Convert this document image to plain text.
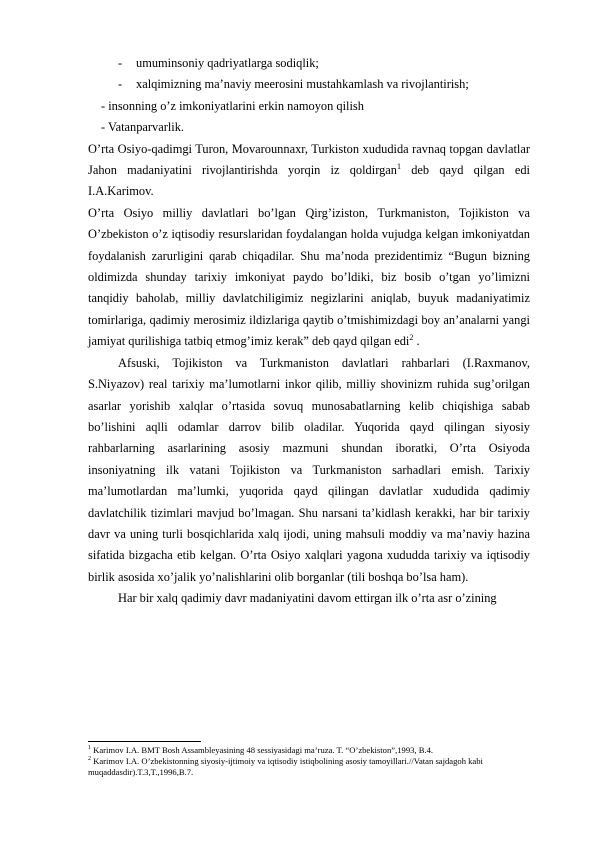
- umuminsoniy qadriyatlarga sodiqlik;
- xalqimizning ma’naviy meerosini mustahkamlash va rivojlantirish;
- insonning o’z imkoniyatlarini erkin namoyon qilish
- Vatanparvarlik.

O’rta Osiyo-qadimgi Turon, Movarounnaxr, Turkiston xududida ravnaq topgan davlatlar Jahon madaniyatini rivojlantirishda yorqin iz qoldirgan$^1$ deb qayd qilgan edi I.A.Karimov.

O’rta Osiyo milliy davlatlari bo’lgan Qirg’iziston, Turkmaniston, Tojikiston va O’zbekiston o’z iqtisodiy resurslaridan foydalangan holda vujudga kelgan imkoniyatdan foydalanish zarurligini qarab chiqadilar. Shu ma’noda prezidentimiz “Bugun bizning oldimizda shunday tarixiy imkoniyat paydo bo’ldiki, biz bosib o’tgan yo’limizni tanqidiy baholab, milliy davlatchiligimiz negizlarini aniqlab, buyuk madaniyatimiz tomirlariga, qadimiy merosimiz ildizlariga qaytib o’tmishimizdagi boy an’analarni yangi jamiyat qurilishiga tatbiq etmog’imiz kerak” deb qayd qilgan edi$^2$ .

Afsuski, Tojikiston va Turkmaniston davlatlari rahbarlari (I.Raxmanov, S.Niyazov) real tarixiy ma’lumotlarni inkor qilib, milliy shovinizm ruhida sug’orilgan asarlar yorishib xalqlar o’rtasida sovuq munosabatlarning kelib chiqishiga sabab bo’lishini aqlli odamlar darrov bilib oladilar. Yuqorida qayd qilingan siyosiy rahbarlarning asarlarining asosiy mazmuni shundan iboratki, O’rta Osiyoda insoniyatning ilk vatani Tojikiston va Turkmaniston sarhadlari emish. Tarixiy ma’lumotlardan ma’lumki, yuqorida qayd qilingan davlatlar xududida qadimiy davlatchilik tizimlari mavjud bo’lmagan. Shu narsani ta’kidlash kerakki, har bir tarixiy davr va uning turli bosqichlarida xalq ijodi, uning mahsuli moddiy va ma’naviy hazina sifatida bizgacha etib kelgan. O’rta Osiyo xalqlari yagona xududda tarixiy va iqtisodiy birlik asosida xo’jalik yo’nalishlarini olib borganlar (tili boshqa bo’lsa ham).

Har bir xalq qadimiy davr madaniyatini davom ettirgan ilk o’rta asr o’zining

$^1$ Karimov I.A. BMT Bosh Assambleyasining 48 sessiyasidagi ma’ruza. T. “O’zbekiston”,1993, B.4.
$^2$ Karimov I.A. O’zbekistonning siyosiy-ijtimoiy va iqtisodiy istiqbolining asosiy tamoyillari.//Vatan sajdagoh kabi muqaddasdir).T.3,T.,1996,B.7.
